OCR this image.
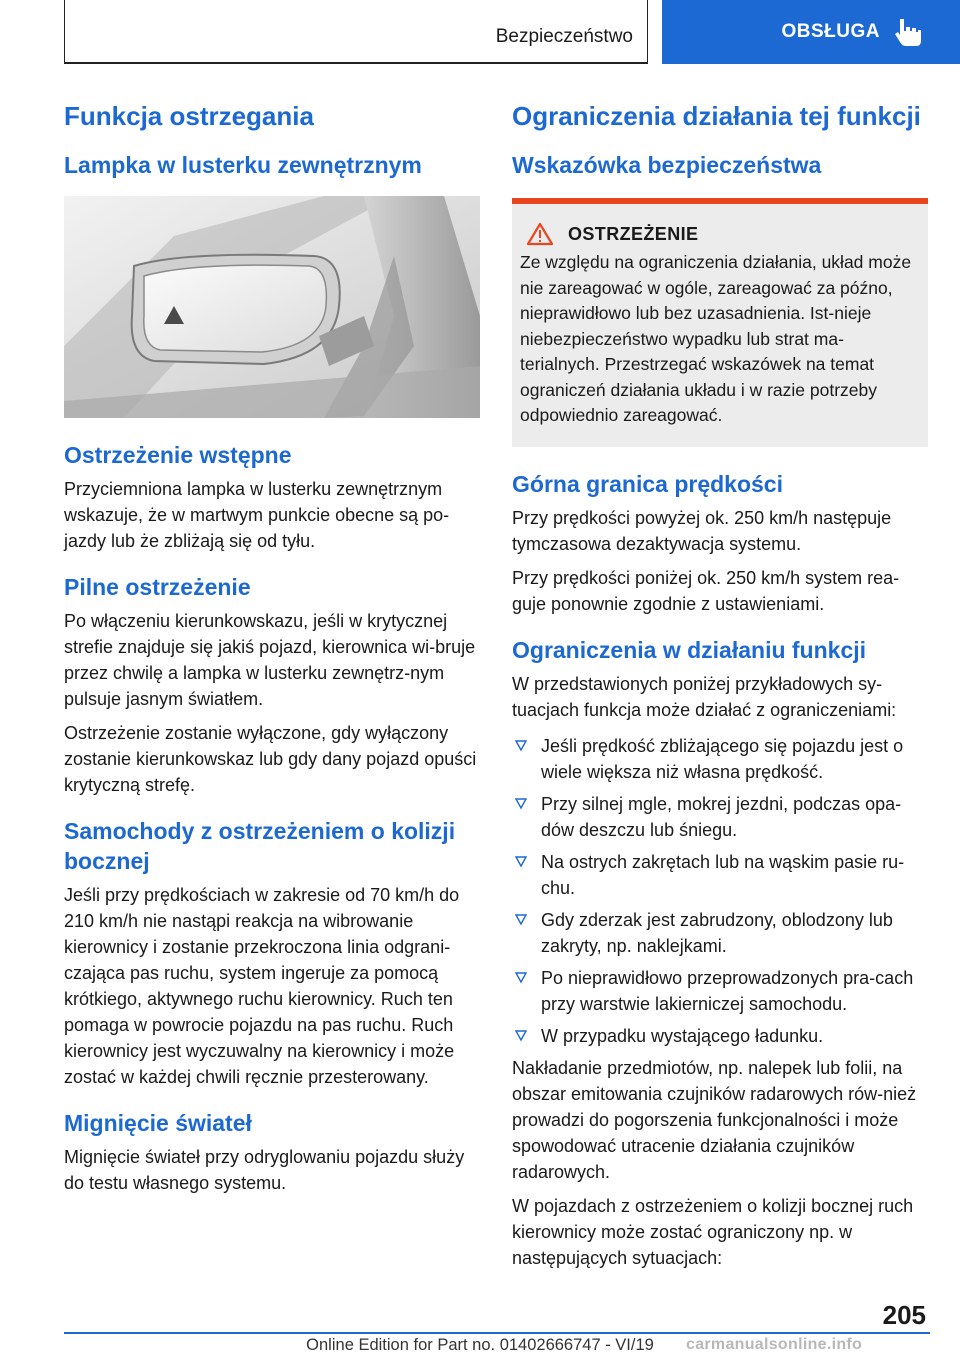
Bezpieczeństwo	OBSŁUGA
Funkcja ostrzegania
Lampka w lusterku zewnętrznym
Ostrzeżenie wstępne

Przyciemniona lampka w lusterku zewnętrznym wskazuje, że w martwym punkcie obecne są po-jazdy lub że zbliżają się od tyłu.

Pilne ostrzeżenie

Po włączeniu kierunkowskazu, jeśli w krytycznej strefie znajduje się jakiś pojazd, kierownica wi-bruje przez chwilę a lampka w lusterku zewnętrz-nym pulsuje jasnym światłem.

Ostrzeżenie zostanie wyłączone, gdy wyłączony zostanie kierunkowskaz lub gdy dany pojazd opuści krytyczną strefę.

Samochody z ostrzeżeniem o kolizji bocznej

Jeśli przy prędkościach w zakresie od 70 km/h do 210 km/h nie nastąpi reakcja na wibrowanie kierownicy i zostanie przekroczona linia odgrani-czająca pas ruchu, system ingeruje za pomocą krótkiego, aktywnego ruchu kierownicy. Ruch ten pomaga w powrocie pojazdu na pas ruchu. Ruch kierownicy jest wyczuwalny na kierownicy i może zostać w każdej chwili ręcznie przesterowany.

Mignięcie świateł

Mignięcie świateł przy odryglowaniu pojazdu służy do testu własnego systemu.

Ograniczenia działania tej funkcji
Wskazówka bezpieczeństwa
OSTRZEŻENIE

Ze względu na ograniczenia działania, układ może nie zareagować w ogóle, zareagować za późno, nieprawidłowo lub bez uzasadnienia. Ist-nieje niebezpieczeństwo wypadku lub strat ma-terialnych. Przestrzegać wskazówek na temat ograniczeń działania układu i w razie potrzeby odpowiednio zareagować.

Górna granica prędkości

Przy prędkości powyżej ok. 250 km/h następuje tymczasowa dezaktywacja systemu.

Przy prędkości poniżej ok. 250 km/h system rea-guje ponownie zgodnie z ustawieniami.

Ograniczenia w działaniu funkcji

W przedstawionych poniżej przykładowych sy-tuacjach funkcja może działać z ograniczeniami:

Jeśli prędkość zbliżającego się pojazdu jest o wiele większa niż własna prędkość.

Przy silnej mgle, mokrej jezdni, podczas opa-dów deszczu lub śniegu.

Na ostrych zakrętach lub na wąskim pasie ru-chu.

Gdy zderzak jest zabrudzony, oblodzony lub zakryty, np. naklejkami.

Po nieprawidłowo przeprowadzonych pra-cach przy warstwie lakierniczej samochodu.

W przypadku wystającego ładunku.

Nakładanie przedmiotów, np. nalepek lub folii, na obszar emitowania czujników radarowych rów-nież prowadzi do pogorszenia funkcjonalności i może spowodować utracenie działania czujników radarowych.

W pojazdach z ostrzeżeniem o kolizji bocznej ruch kierownicy może zostać ograniczony np. w następujących sytuacjach:

205
Online Edition for Part no. 01402666747 - VI/19	carmanualsonline.info
